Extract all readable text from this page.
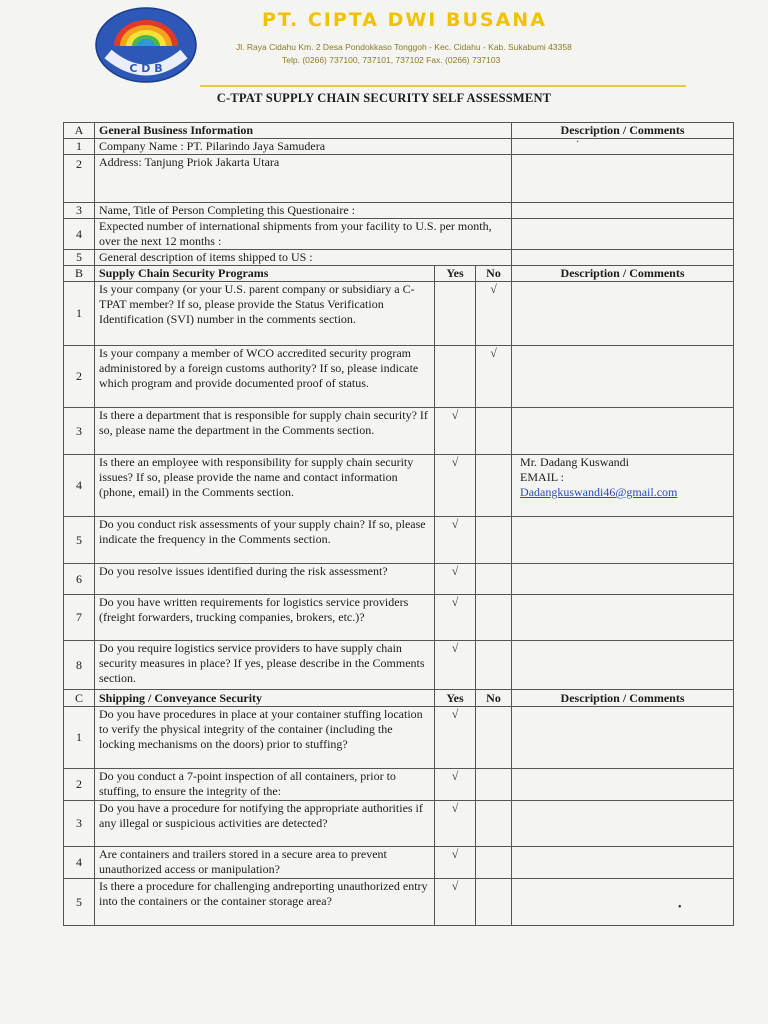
C D B
PT. CIPTA DWI BUSANA
Jl. Raya Cidahu Km. 2 Desa Pondokkaso Tonggoh - Kec. Cidahu - Kab. Sukabumi 43358
Telp. (0266) 737100, 737101, 737102 Fax. (0266) 737103
C-TPAT SUPPLY CHAIN SECURITY SELF ASSESSMENT
A	General Business Information			Description / Comments
1	Company Name : PT. Pilarindo Jaya Samudera			
2	Address: Tanjung Priok Jakarta Utara			
3	Name, Title of Person Completing this Questionaire :			
4	Expected number of international shipments from your facility to U.S. per month, over the next 12 months :			
5	General description of items shipped to US :			
B	Supply Chain Security Programs	Yes	No	Description / Comments
1	Is your company (or your U.S. parent company or subsidiary a C-TPAT member? If so, please provide the Status Verification Identification (SVI) number in the comments section.		√	
2	Is your company a member of WCO accredited security program administored by a foreign customs authority? If so, please indicate which program and provide documented proof of status.		√	
3	Is there a department that is responsible for supply chain security? If so, please name the department in the Comments section.	√		
4	Is there an employee with responsibility for supply chain security issues? If so, please provide the name and contact information (phone, email) in the Comments section.	√		Mr. Dadang Kuswandi
EMAIL :
Dadangkuswandi46@gmail.com

5	Do you conduct risk assessments of your supply chain? If so, please indicate the frequency in the Comments section.	√		
6	Do you resolve issues identified during the risk assessment?	√		
7	Do you have written requirements for logistics service providers (freight forwarders, trucking companies, brokers, etc.)?	√		
8	Do you require logistics service providers to have supply chain security measures in place? If yes, please describe in the Comments section.	√		
C	Shipping / Conveyance Security	Yes	No	Description / Comments
1	Do you have procedures in place at your container stuffing location to verify the physical integrity of the container (including the locking mechanisms on the doors) prior to stuffing?	√		
2	Do you conduct a 7-point inspection of all containers, prior to stuffing, to ensure the integrity of the:	√		
3	Do you have a procedure for notifying the appropriate authorities if any illegal or suspicious activities are detected?	√		
4	Are containers and trailers stored in a secure area to prevent unauthorized access or manipulation?	√		
5	Is there a procedure for challenging andreporting unauthorized entry into the containers or the container storage area?	√		
·
•
